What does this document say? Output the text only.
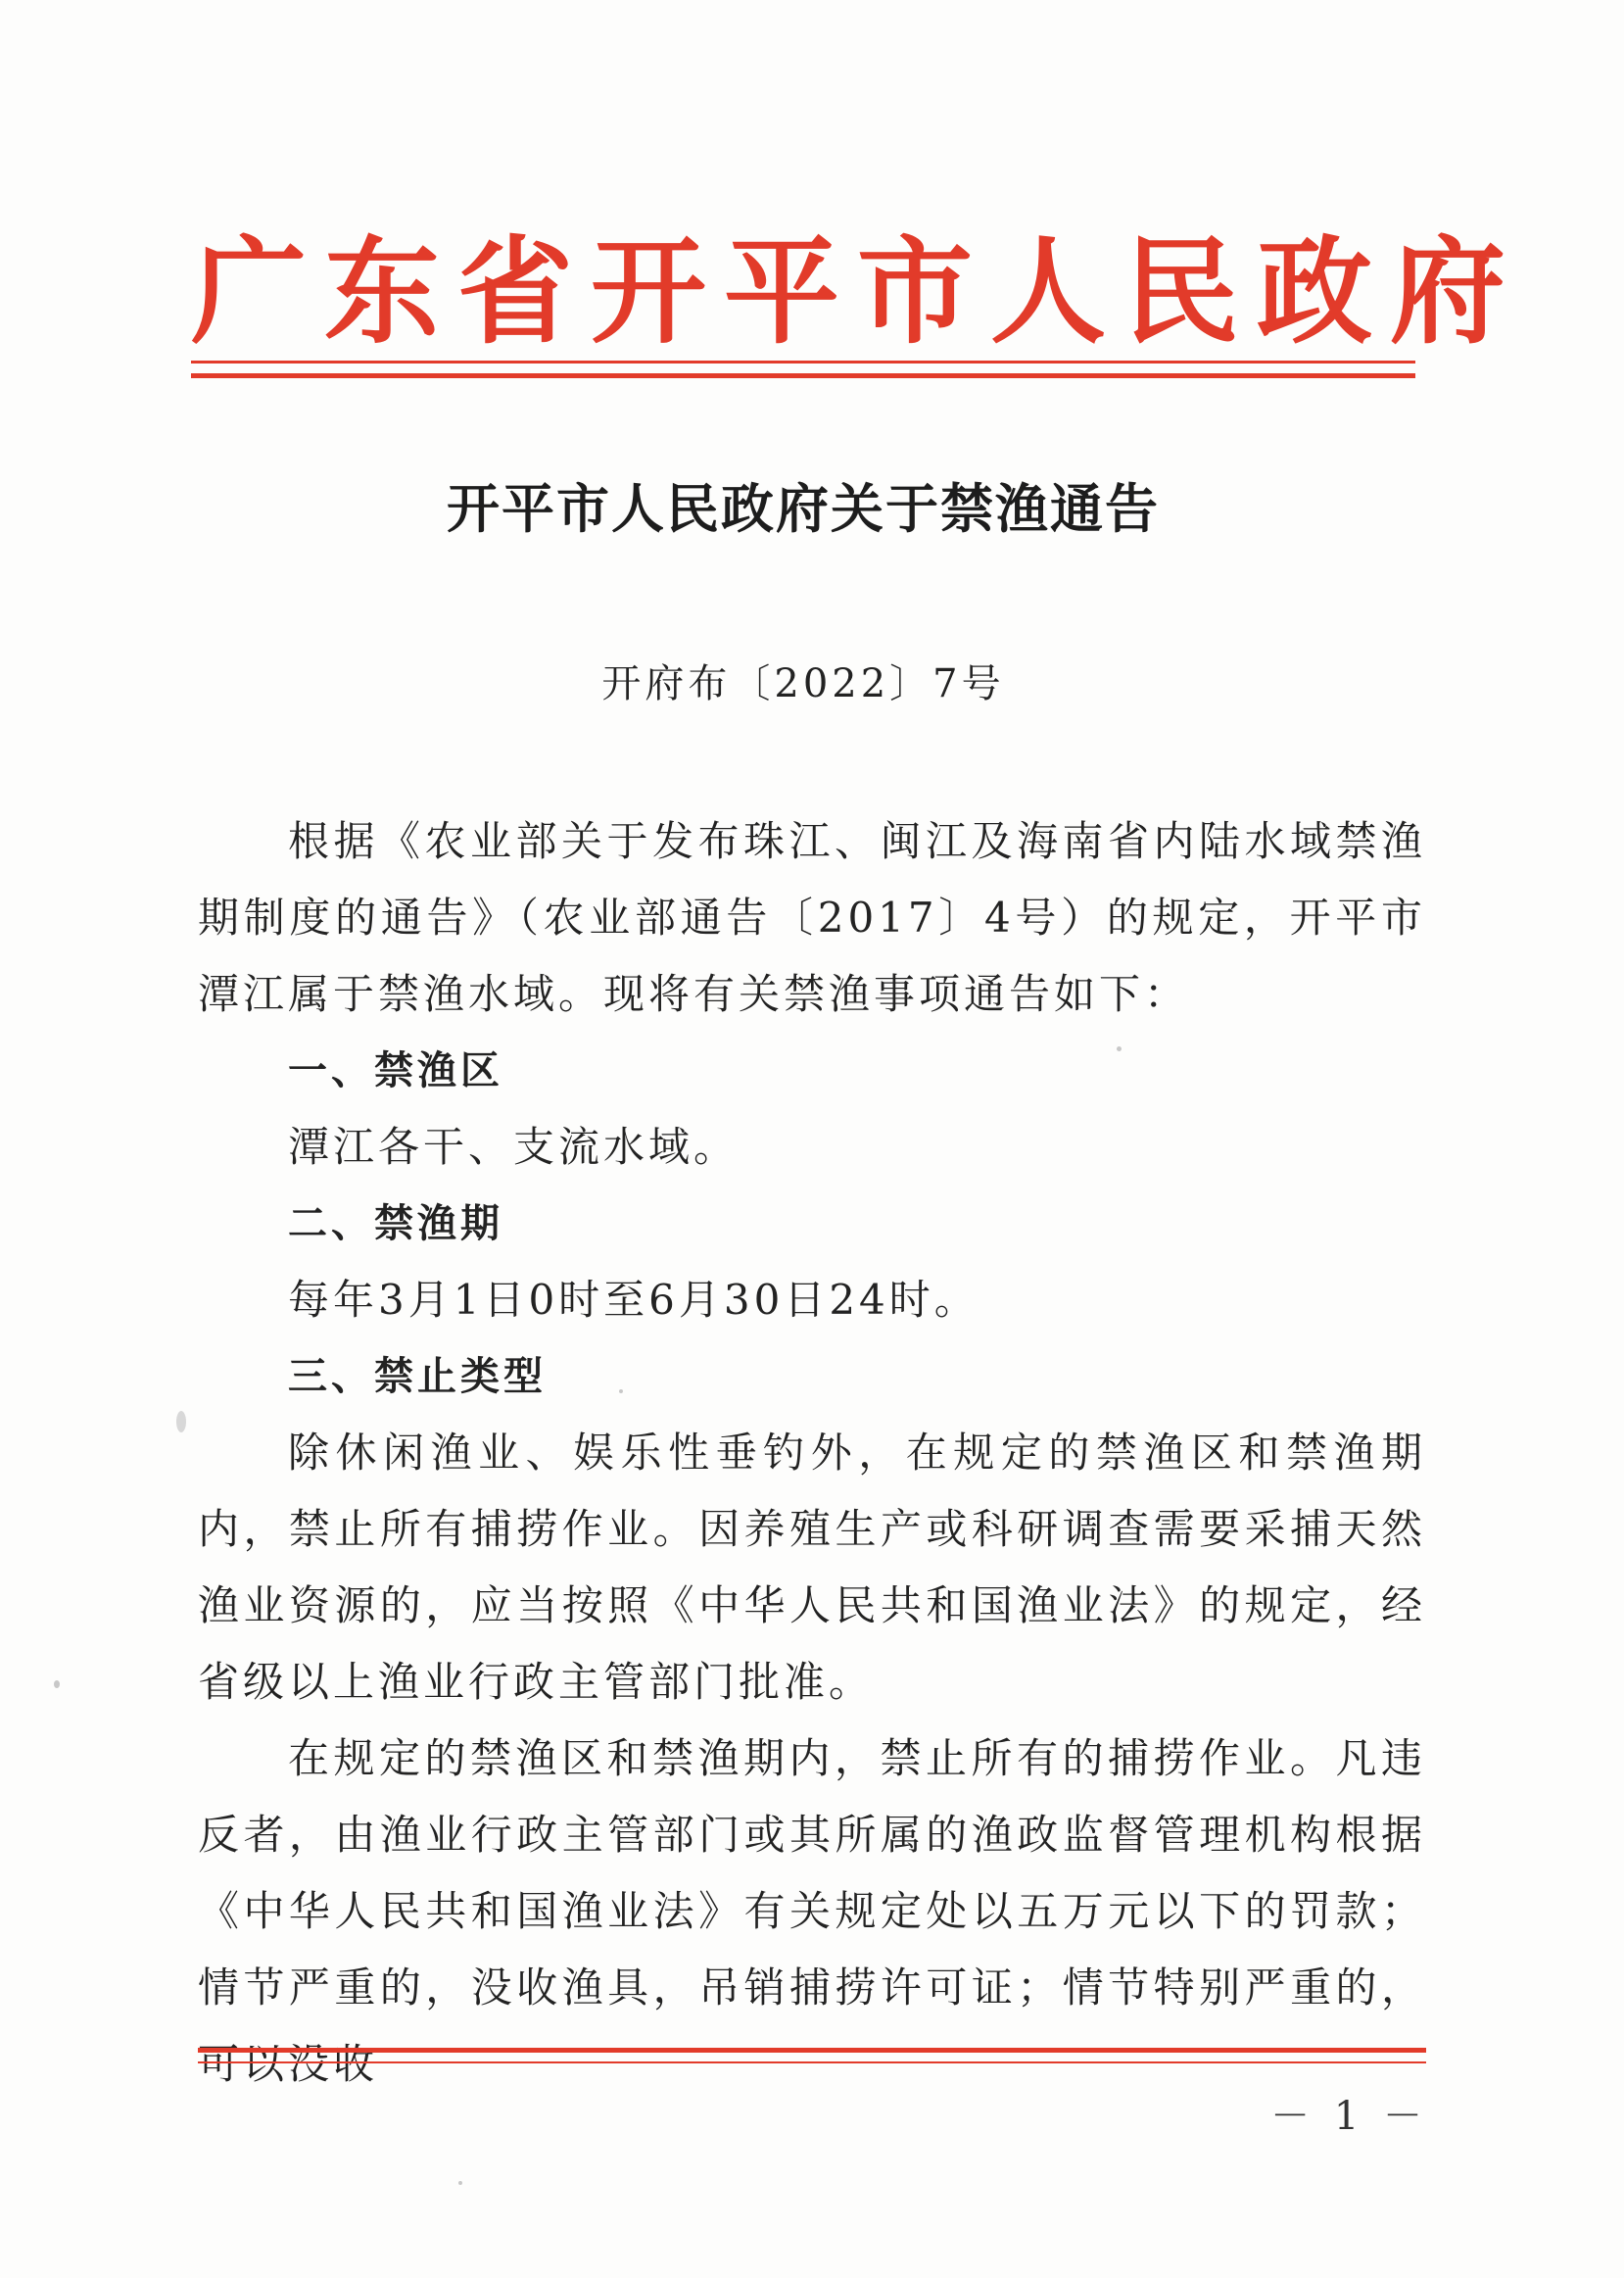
广东省开平市人民政府
开平市人民政府关于禁渔通告
开府布〔2022〕7号

根据《农业部关于发布珠江、闽江及海南省内陆水域禁渔期制度的通告》（农业部通告〔2017〕4号）的规定，开平市潭江属于禁渔水域。现将有关禁渔事项通告如下：

一、禁渔区

潭江各干、支流水域。

二、禁渔期

每年3月1日0时至6月30日24时。

三、禁止类型

除休闲渔业、娱乐性垂钓外，在规定的禁渔区和禁渔期内，禁止所有捕捞作业。因养殖生产或科研调查需要采捕天然渔业资源的，应当按照《中华人民共和国渔业法》的规定，经省级以上渔业行政主管部门批准。

在规定的禁渔区和禁渔期内，禁止所有的捕捞作业。凡违反者，由渔业行政主管部门或其所属的渔政监督管理机构根据《中华人民共和国渔业法》有关规定处以五万元以下的罚款；情节严重的，没收渔具，吊销捕捞许可证；情节特别严重的，可以没收

－ 1 －
